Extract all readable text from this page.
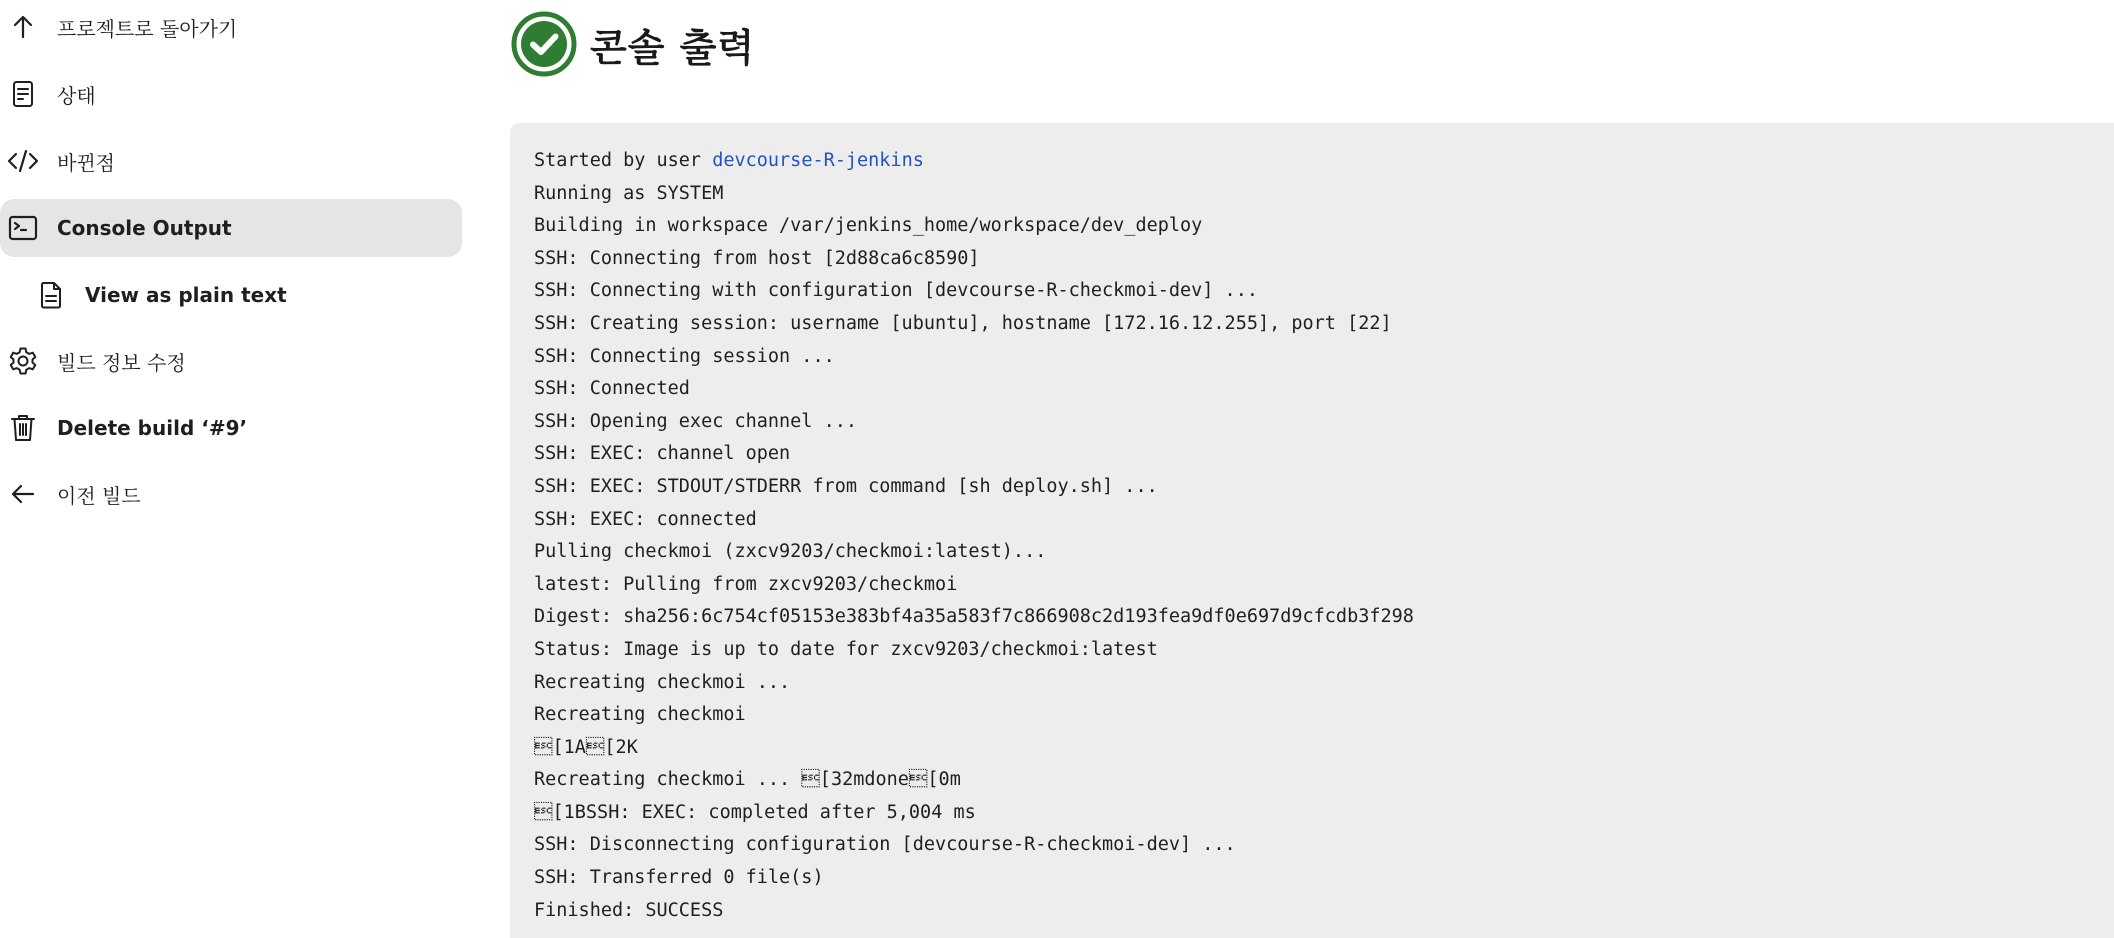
프로젝트로 돌아가기
상태
바뀐점
Console Output
View as plain text
빌드 정보 수정
Delete build ‘#9’
이전 빌드
콘솔 출력
Started by user devcourse-R-jenkins
Running as SYSTEM
Building in workspace /var/jenkins_home/workspace/dev_deploy
SSH: Connecting from host [2d88ca6c8590]
SSH: Connecting with configuration [devcourse-R-checkmoi-dev] ...
SSH: Creating session: username [ubuntu], hostname [172.16.12.255], port [22]
SSH: Connecting session ...
SSH: Connected
SSH: Opening exec channel ...
SSH: EXEC: channel open
SSH: EXEC: STDOUT/STDERR from command [sh deploy.sh] ...
SSH: EXEC: connected
Pulling checkmoi (zxcv9203/checkmoi:latest)...
latest: Pulling from zxcv9203/checkmoi
Digest: sha256:6c754cf05153e383bf4a35a583f7c866908c2d193fea9df0e697d9cfcdb3f298
Status: Image is up to date for zxcv9203/checkmoi:latest
Recreating checkmoi ...
Recreating checkmoi
[1A[2K
Recreating checkmoi ... [32mdone[0m
[1BSSH: EXEC: completed after 5,004 ms
SSH: Disconnecting configuration [devcourse-R-checkmoi-dev] ...
SSH: Transferred 0 file(s)
Finished: SUCCESS
